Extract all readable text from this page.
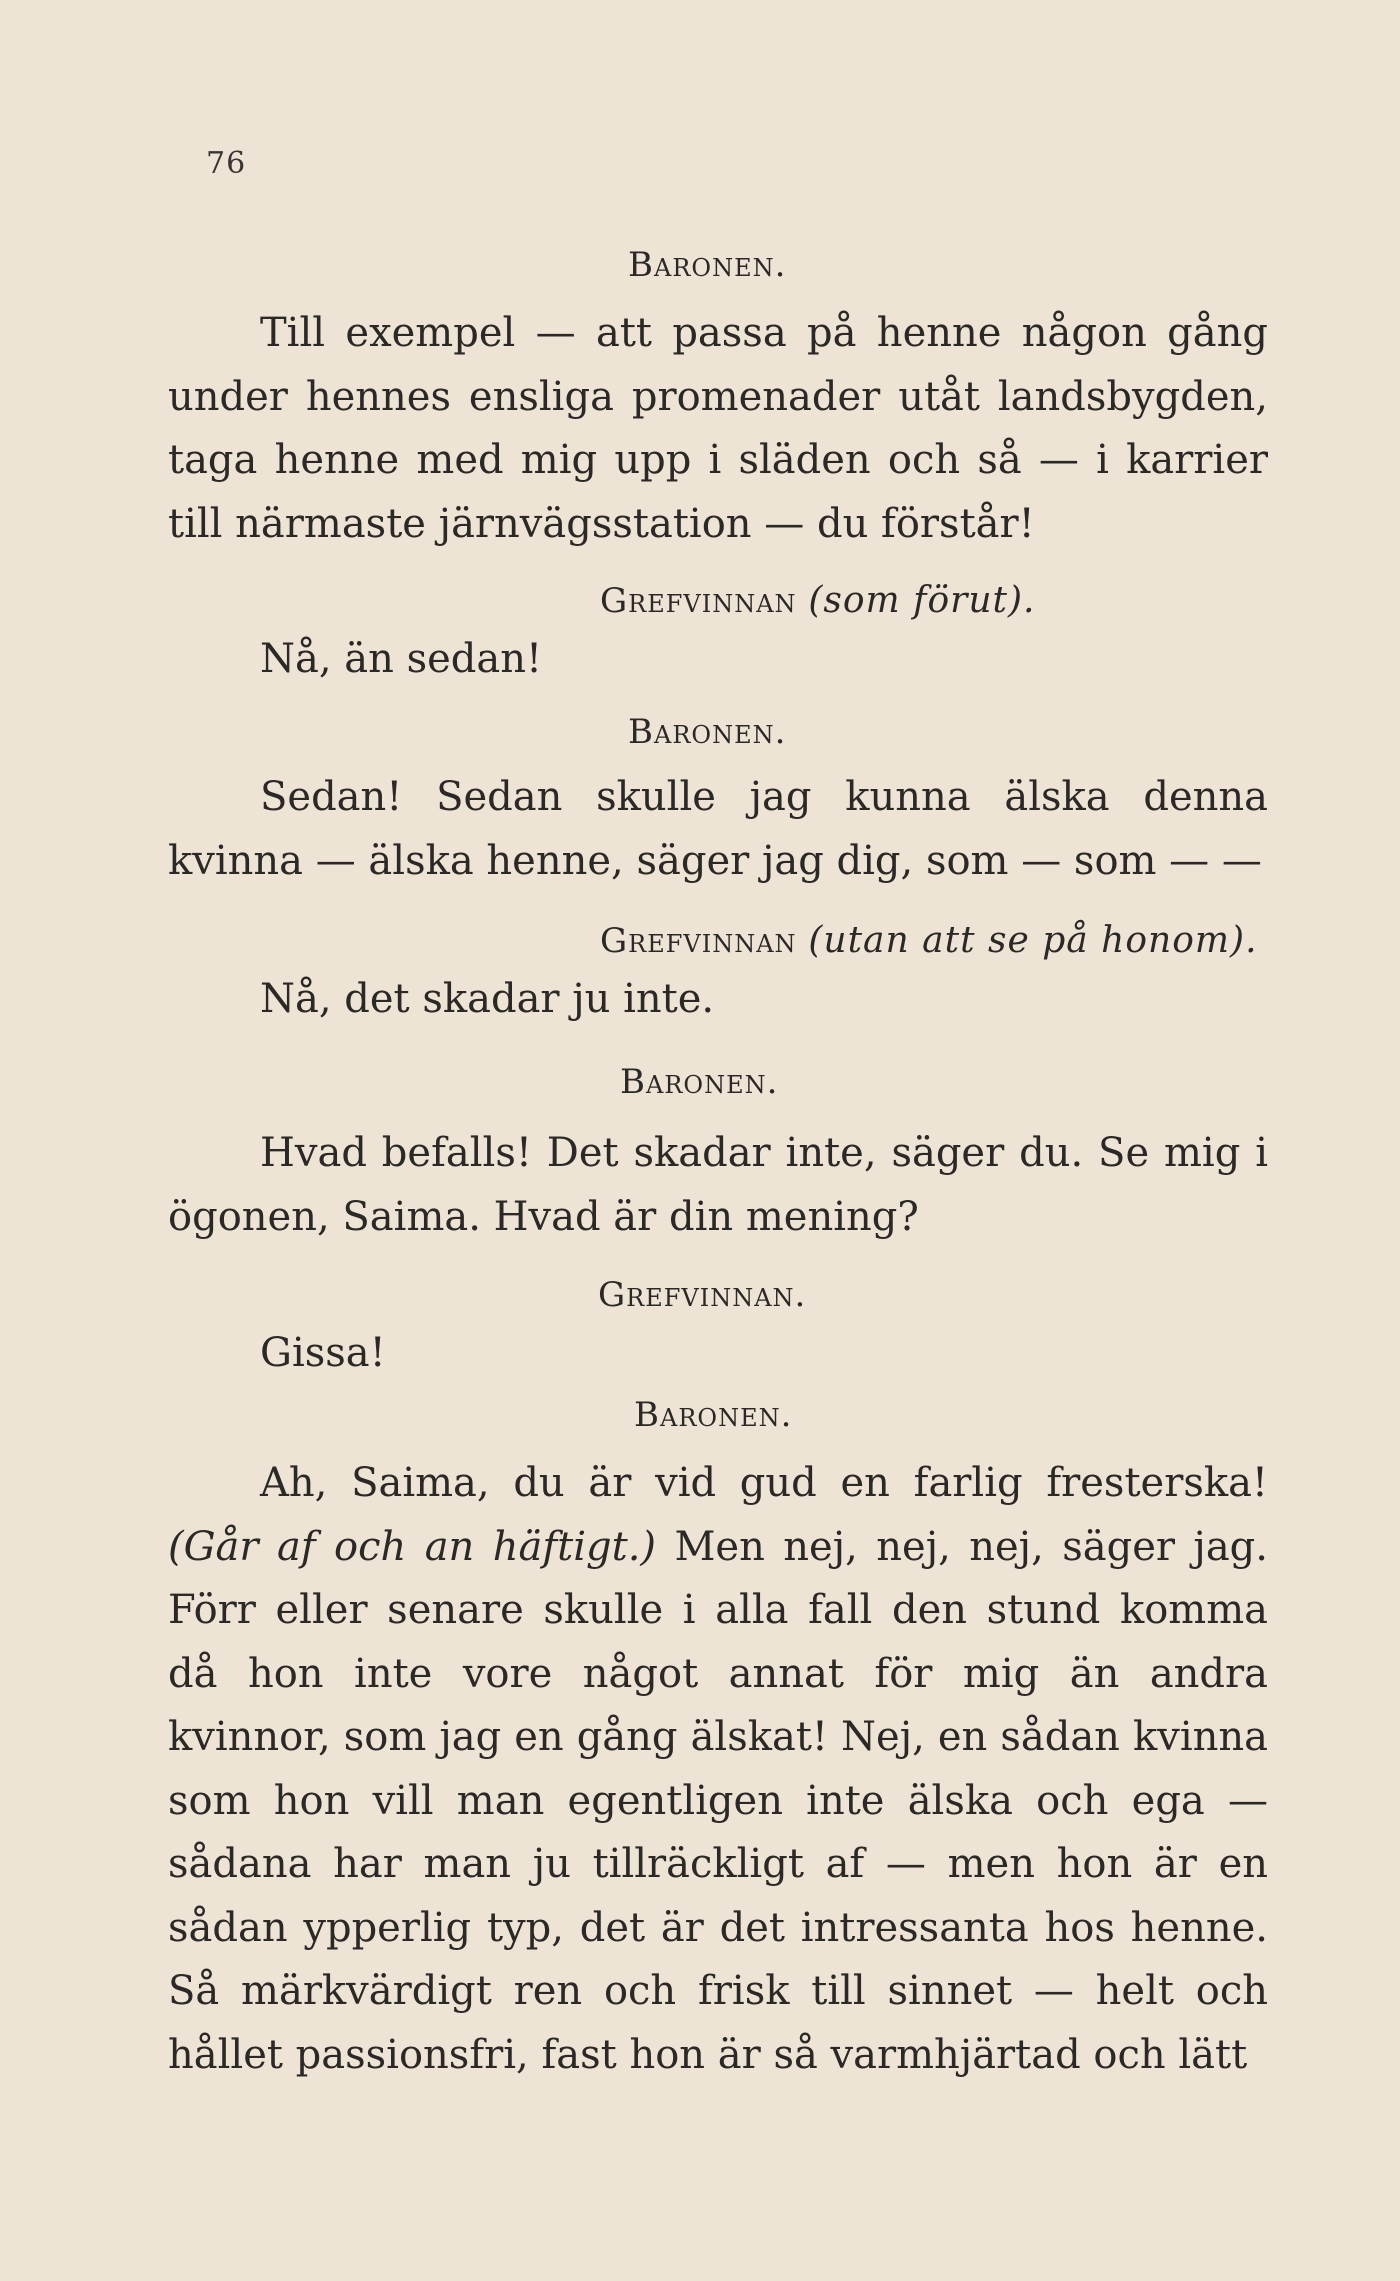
76
Baronen.

Till exempel — att passa på henne någon gång under hennes ensliga promenader utåt landsbygden, taga henne med mig upp i släden och så — i karrier till närmaste järnvägsstation — du förstår!

Grefvinnan (som förut).
Nå, än sedan!
Baronen.

Sedan! Sedan skulle jag kunna älska denna kvinna — älska henne, säger jag dig, som — som — —

Grefvinnan (utan att se på honom).
Nå, det skadar ju inte.
Baronen.

Hvad befalls! Det skadar inte, säger du. Se mig i ögonen, Saima. Hvad är din mening?

Grefvinnan.
Gissa!
Baronen.

Ah, Saima, du är vid gud en farlig fresterska! (Går af och an häftigt.) Men nej, nej, nej, säger jag. Förr eller senare skulle i alla fall den stund komma då hon inte vore något annat för mig än andra kvinnor, som jag en gång älskat! Nej, en sådan kvinna som hon vill man egentligen inte älska och ega — sådana har man ju tillräckligt af — men hon är en sådan ypperlig typ, det är det intressanta hos henne. Så märkvärdigt ren och frisk till sinnet — helt och hållet passionsfri, fast hon är så varmhjärtad och lätt
